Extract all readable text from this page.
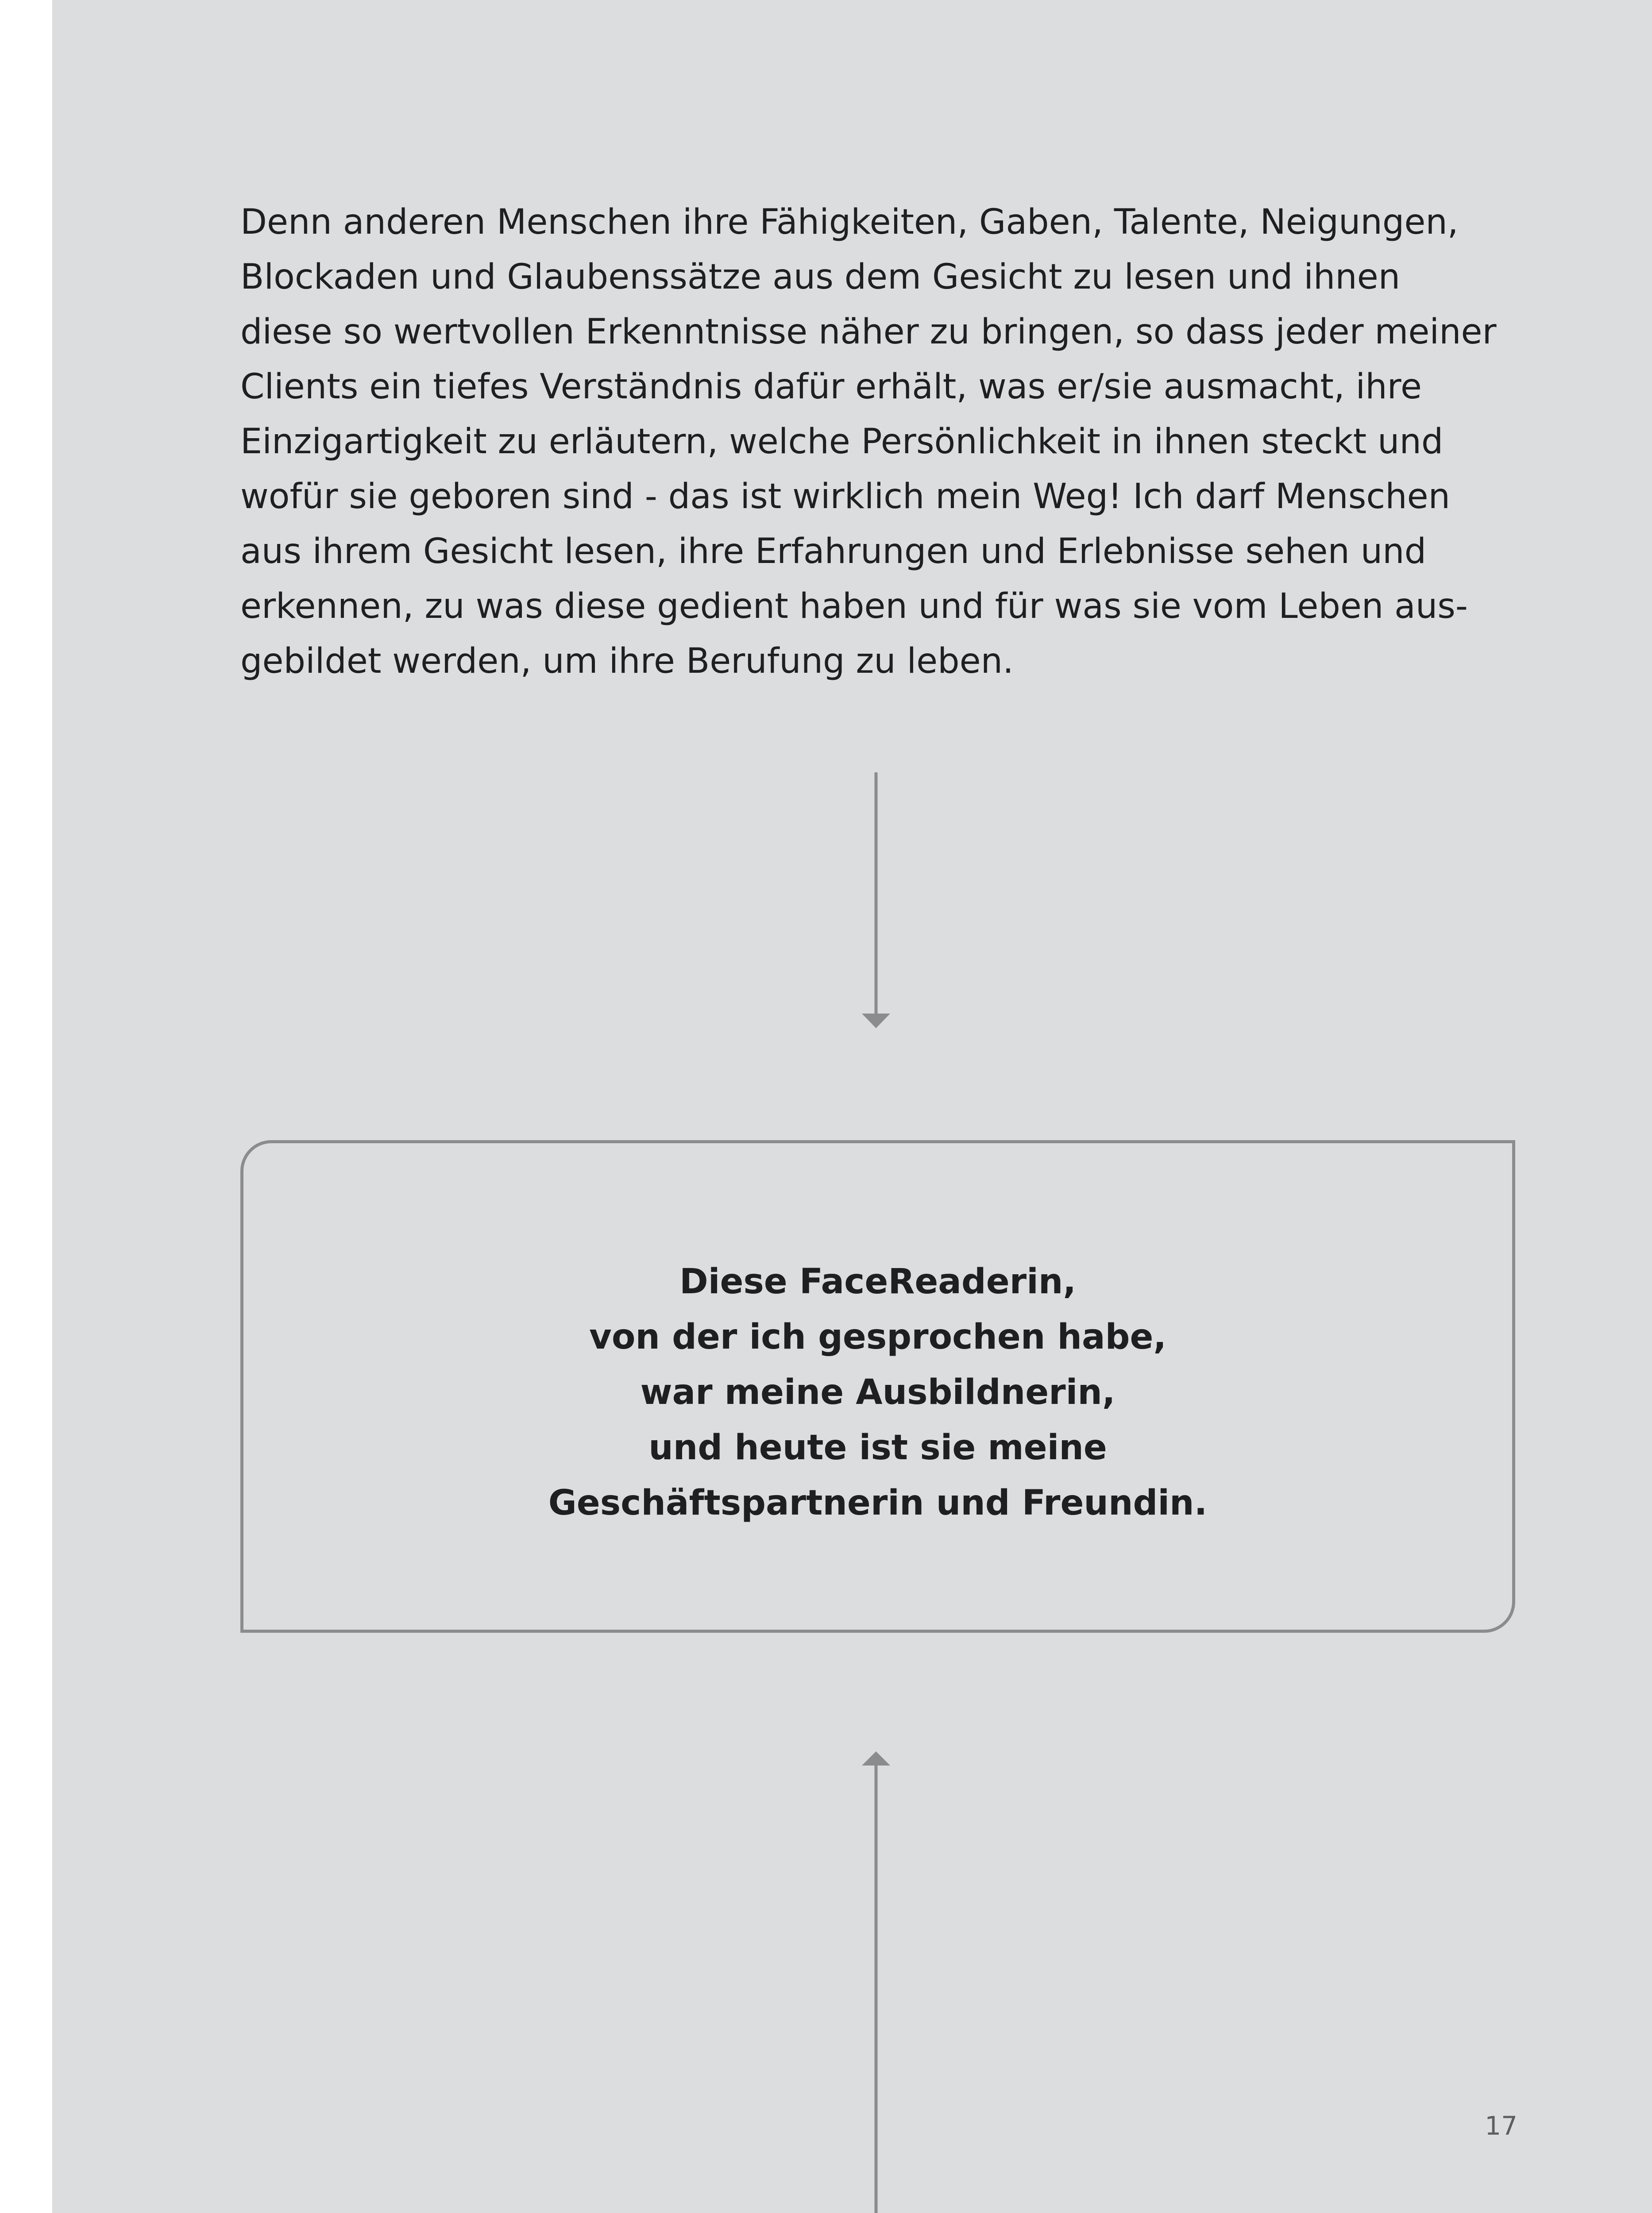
Denn anderen Menschen ihre Fähigkeiten, Gaben, Talente, Neigungen,
Blockaden und Glaubenssätze aus dem Gesicht zu lesen und ihnen
diese so wertvollen Erkenntnisse näher zu bringen, so dass jeder meiner
Clients ein tiefes Verständnis dafür erhält, was er/sie ausmacht, ihre
Einzigartigkeit zu erläutern, welche Persönlichkeit in ihnen steckt und
wofür sie geboren sind - das ist wirklich mein Weg! Ich darf Menschen
aus ihrem Gesicht lesen, ihre Erfahrungen und Erlebnisse sehen und
erkennen, zu was diese gedient haben und für was sie vom Leben aus-
gebildet werden, um ihre Berufung zu leben.

Diese FaceReaderin,
von der ich gesprochen habe,
war meine Ausbildnerin,
und heute ist sie meine
Geschäftspartnerin und Freundin.

17
